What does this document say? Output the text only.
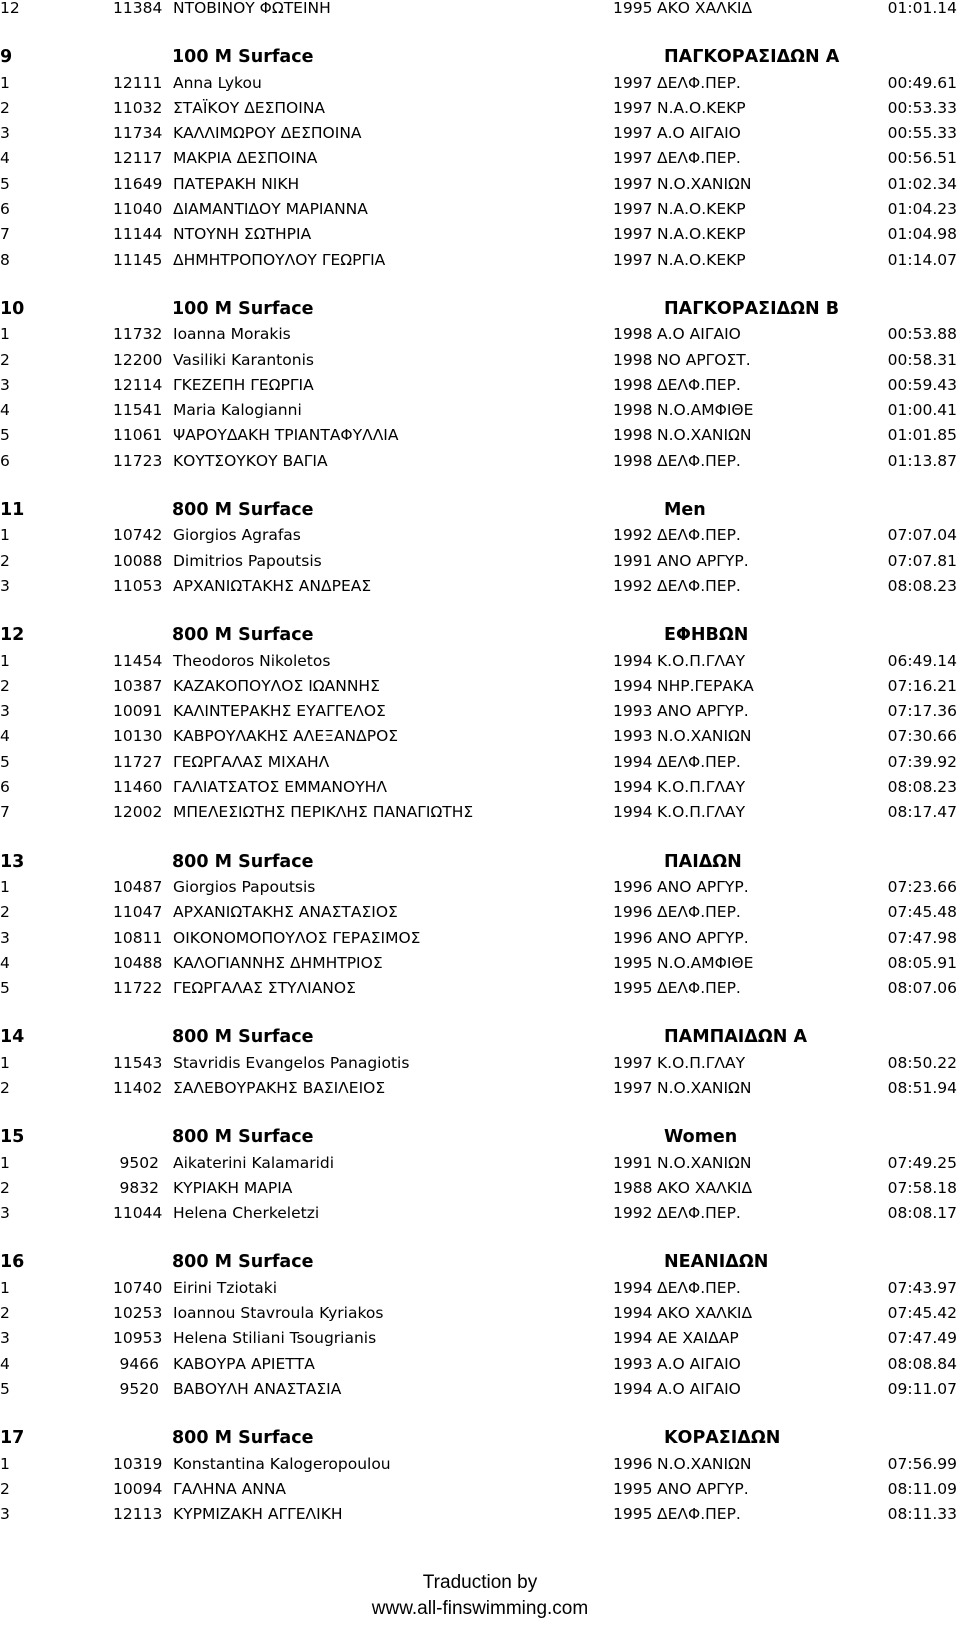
12	11384 ΝΤΟΒΙΝΟΥ ΦΩΤΕΙΝΗ	1995 ΑΚΟ ΧΑΛΚΙΔ	01:01.14
9	100 M Surface	ΠΑΓΚΟΡΑΣΙΔΩΝ Α
1	12111 Anna Lykou	1997 ΔΕΛΦ.ΠΕΡ.	00:49.61
2	11032 ΣΤΑΪΚΟΥ ΔΕΣΠΟΙΝΑ	1997 Ν.Α.Ο.ΚΕΚΡ	00:53.33
3	11734 ΚΑΛΛΙΜΩΡΟΥ ΔΕΣΠΟΙΝΑ	1997 Α.Ο ΑΙΓΑΙΟ	00:55.33
4	12117 ΜΑΚΡΙΑ ΔΕΣΠΟΙΝΑ	1997 ΔΕΛΦ.ΠΕΡ.	00:56.51
5	11649 ΠΑΤΕΡΑΚΗ ΝΙΚΗ	1997 Ν.Ο.ΧΑΝΙΩΝ	01:02.34
6	11040 ΔΙΑΜΑΝΤΙΔΟΥ ΜΑΡΙΑΝΝΑ	1997 Ν.Α.Ο.ΚΕΚΡ	01:04.23
7	11144 ΝΤΟΥΝΗ ΣΩΤΗΡΙΑ	1997 Ν.Α.Ο.ΚΕΚΡ	01:04.98
8	11145 ΔΗΜΗΤΡΟΠΟΥΛΟΥ ΓΕΩΡΓΙΑ	1997 Ν.Α.Ο.ΚΕΚΡ	01:14.07
10	100 M Surface	ΠΑΓΚΟΡΑΣΙΔΩΝ Β
1	11732 Ioanna Morakis	1998 Α.Ο ΑΙΓΑΙΟ	00:53.88
2	12200 Vasiliki Karantonis	1998 ΝΟ ΑΡΓΟΣΤ.	00:58.31
3	12114 ΓΚΕΖΕΠΗ ΓΕΩΡΓΙΑ	1998 ΔΕΛΦ.ΠΕΡ.	00:59.43
4	11541 Maria Kalogianni	1998 Ν.Ο.ΑΜΦΙΘΕ	01:00.41
5	11061 ΨΑΡΟΥΔΑΚΗ ΤΡΙΑΝΤΑΦΥΛΛΙΑ	1998 Ν.Ο.ΧΑΝΙΩΝ	01:01.85
6	11723 ΚΟΥΤΣΟΥΚΟΥ ΒΑΓΙΑ	1998 ΔΕΛΦ.ΠΕΡ.	01:13.87
11	800 M Surface	Men
1	10742 Giorgios Agrafas	1992 ΔΕΛΦ.ΠΕΡ.	07:07.04
2	10088 Dimitrios Papoutsis	1991 ΑΝΟ ΑΡΓΥΡ.	07:07.81
3	11053 ΑΡΧΑΝΙΩΤΑΚΗΣ ΑΝΔΡΕΑΣ	1992 ΔΕΛΦ.ΠΕΡ.	08:08.23
12	800 M Surface	ΕΦΗΒΩΝ
1	11454 Theodoros Nikoletos	1994 Κ.Ο.Π.ΓΛΑΥ	06:49.14
2	10387 ΚΑΖΑΚΟΠΟΥΛΟΣ ΙΩΑΝΝΗΣ	1994 ΝΗΡ.ΓΕΡΑΚΑ	07:16.21
3	10091 ΚΑΛΙΝΤΕΡΑΚΗΣ ΕΥΑΓΓΕΛΟΣ	1993 ΑΝΟ ΑΡΓΥΡ.	07:17.36
4	10130 ΚΑΒΡΟΥΛΑΚΗΣ ΑΛΕΞΑΝΔΡΟΣ	1993 Ν.Ο.ΧΑΝΙΩΝ	07:30.66
5	11727 ΓΕΩΡΓΑΛΑΣ ΜΙΧΑΗΛ	1994 ΔΕΛΦ.ΠΕΡ.	07:39.92
6	11460 ΓΑΛΙΑΤΣΑΤΟΣ ΕΜΜΑΝΟΥΗΛ	1994 Κ.Ο.Π.ΓΛΑΥ	08:08.23
7	12002 ΜΠΕΛΕΣΙΩΤΗΣ ΠΕΡΙΚΛΗΣ ΠΑΝΑΓΙΩΤΗΣ	1994 Κ.Ο.Π.ΓΛΑΥ	08:17.47
13	800 M Surface	ΠΑΙΔΩΝ
1	10487 Giorgios Papoutsis	1996 ΑΝΟ ΑΡΓΥΡ.	07:23.66
2	11047 ΑΡΧΑΝΙΩΤΑΚΗΣ ΑΝΑΣΤΑΣΙΟΣ	1996 ΔΕΛΦ.ΠΕΡ.	07:45.48
3	10811 ΟΙΚΟΝΟΜΟΠΟΥΛΟΣ ΓΕΡΑΣΙΜΟΣ	1996 ΑΝΟ ΑΡΓΥΡ.	07:47.98
4	10488 ΚΑΛΟΓΙΑΝΝΗΣ ΔΗΜΗΤΡΙΟΣ	1995 Ν.Ο.ΑΜΦΙΘΕ	08:05.91
5	11722 ΓΕΩΡΓΑΛΑΣ ΣΤΥΛΙΑΝΟΣ	1995 ΔΕΛΦ.ΠΕΡ.	08:07.06
14	800 M Surface	ΠΑΜΠΑΙΔΩΝ Α
1	11543 Stavridis Evangelos Panagiotis	1997 Κ.Ο.Π.ΓΛΑΥ	08:50.22
2	11402 ΣΑΛΕΒΟΥΡΑΚΗΣ ΒΑΣΙΛΕΙΟΣ	1997 Ν.Ο.ΧΑΝΙΩΝ	08:51.94
15	800 M Surface	Women
1	9502 Aikaterini Kalamaridi	1991 Ν.Ο.ΧΑΝΙΩΝ	07:49.25
2	9832 ΚΥΡΙΑΚΗ ΜΑΡΙΑ	1988 ΑΚΟ ΧΑΛΚΙΔ	07:58.18
3	11044 Helena Cherkeletzi	1992 ΔΕΛΦ.ΠΕΡ.	08:08.17
16	800 M Surface	ΝΕΑΝΙΔΩΝ
1	10740 Eirini Tziotaki	1994 ΔΕΛΦ.ΠΕΡ.	07:43.97
2	10253 Ioannou Stavroula Kyriakos	1994 ΑΚΟ ΧΑΛΚΙΔ	07:45.42
3	10953 Helena Stiliani Tsougrianis	1994 ΑΕ ΧΑΙΔΑΡ	07:47.49
4	9466 ΚΑΒΟΥΡΑ ΑΡΙΕΤΤΑ	1993 Α.Ο ΑΙΓΑΙΟ	08:08.84
5	9520 ΒΑΒΟΥΛΗ ΑΝΑΣΤΑΣΙΑ	1994 Α.Ο ΑΙΓΑΙΟ	09:11.07
17	800 M Surface	ΚΟΡΑΣΙΔΩΝ
1	10319 Konstantina Kalogeropoulou	1996 Ν.Ο.ΧΑΝΙΩΝ	07:56.99
2	10094 ΓΑΛΗΝΑ ΑΝΝΑ	1995 ΑΝΟ ΑΡΓΥΡ.	08:11.09
3	12113 ΚΥΡΜΙΖΑΚΗ ΑΓΓΕΛΙΚΗ	1995 ΔΕΛΦ.ΠΕΡ.	08:11.33
Traduction by
www.all-finswimming.com
